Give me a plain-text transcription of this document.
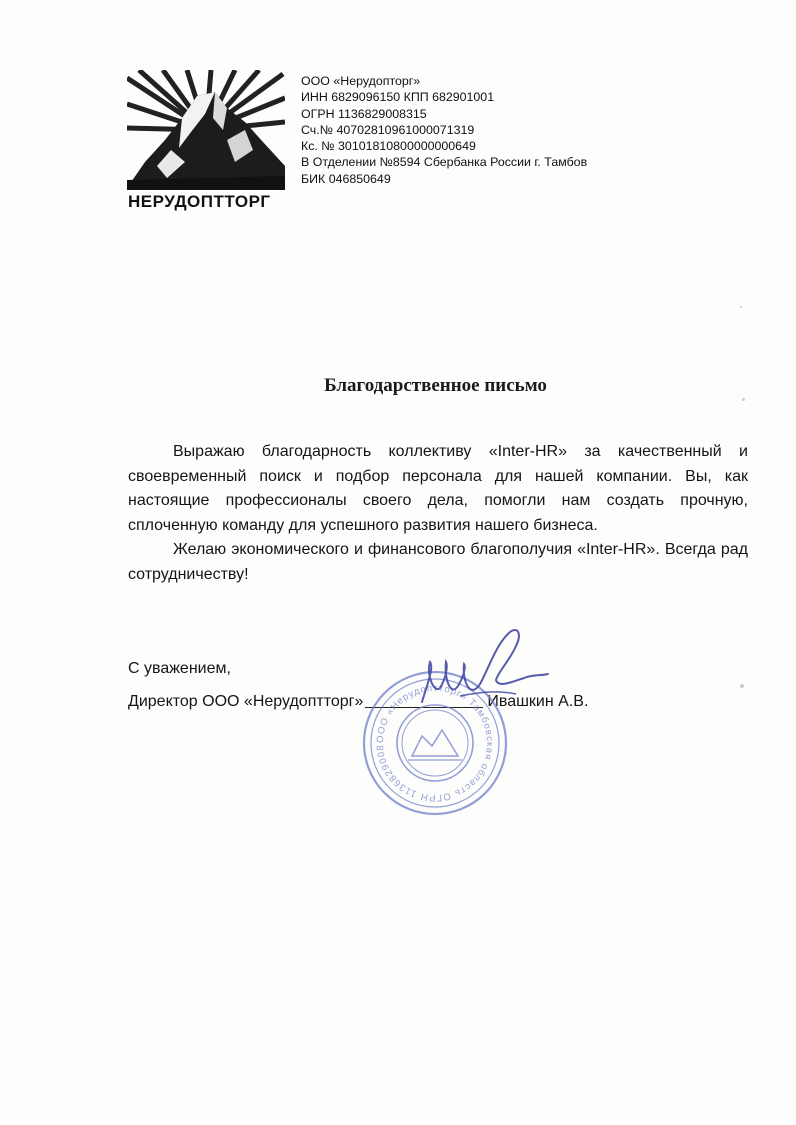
НЕРУДОПТТОРГ
ООО «Нерудопторг»
ИНН 6829096150 КПП 682901001
ОГРН 1136829008315
Сч.№ 40702810961000071319
Кс. № 30101810800000000649
В Отделении №8594 Сбербанка России г. Тамбов
БИК 046850649
Благодарственное письмо

Выражаю благодарность коллективу «Inter-HR» за качественный и своевременный поиск и подбор персонала для нашей компании. Вы, как настоящие профессионалы своего дела, помогли нам создать прочную, сплоченную команду для успешного развития нашего бизнеса.

Желаю экономического и финансового благополучия «Inter-HR». Всегда рад сотрудничеству!

С уважением,
Директор ООО «Нерудоптторг»	Ивашкин А.В.
ООО «Нерудоптторг» Тамбовская область ОГРН 1136829008
